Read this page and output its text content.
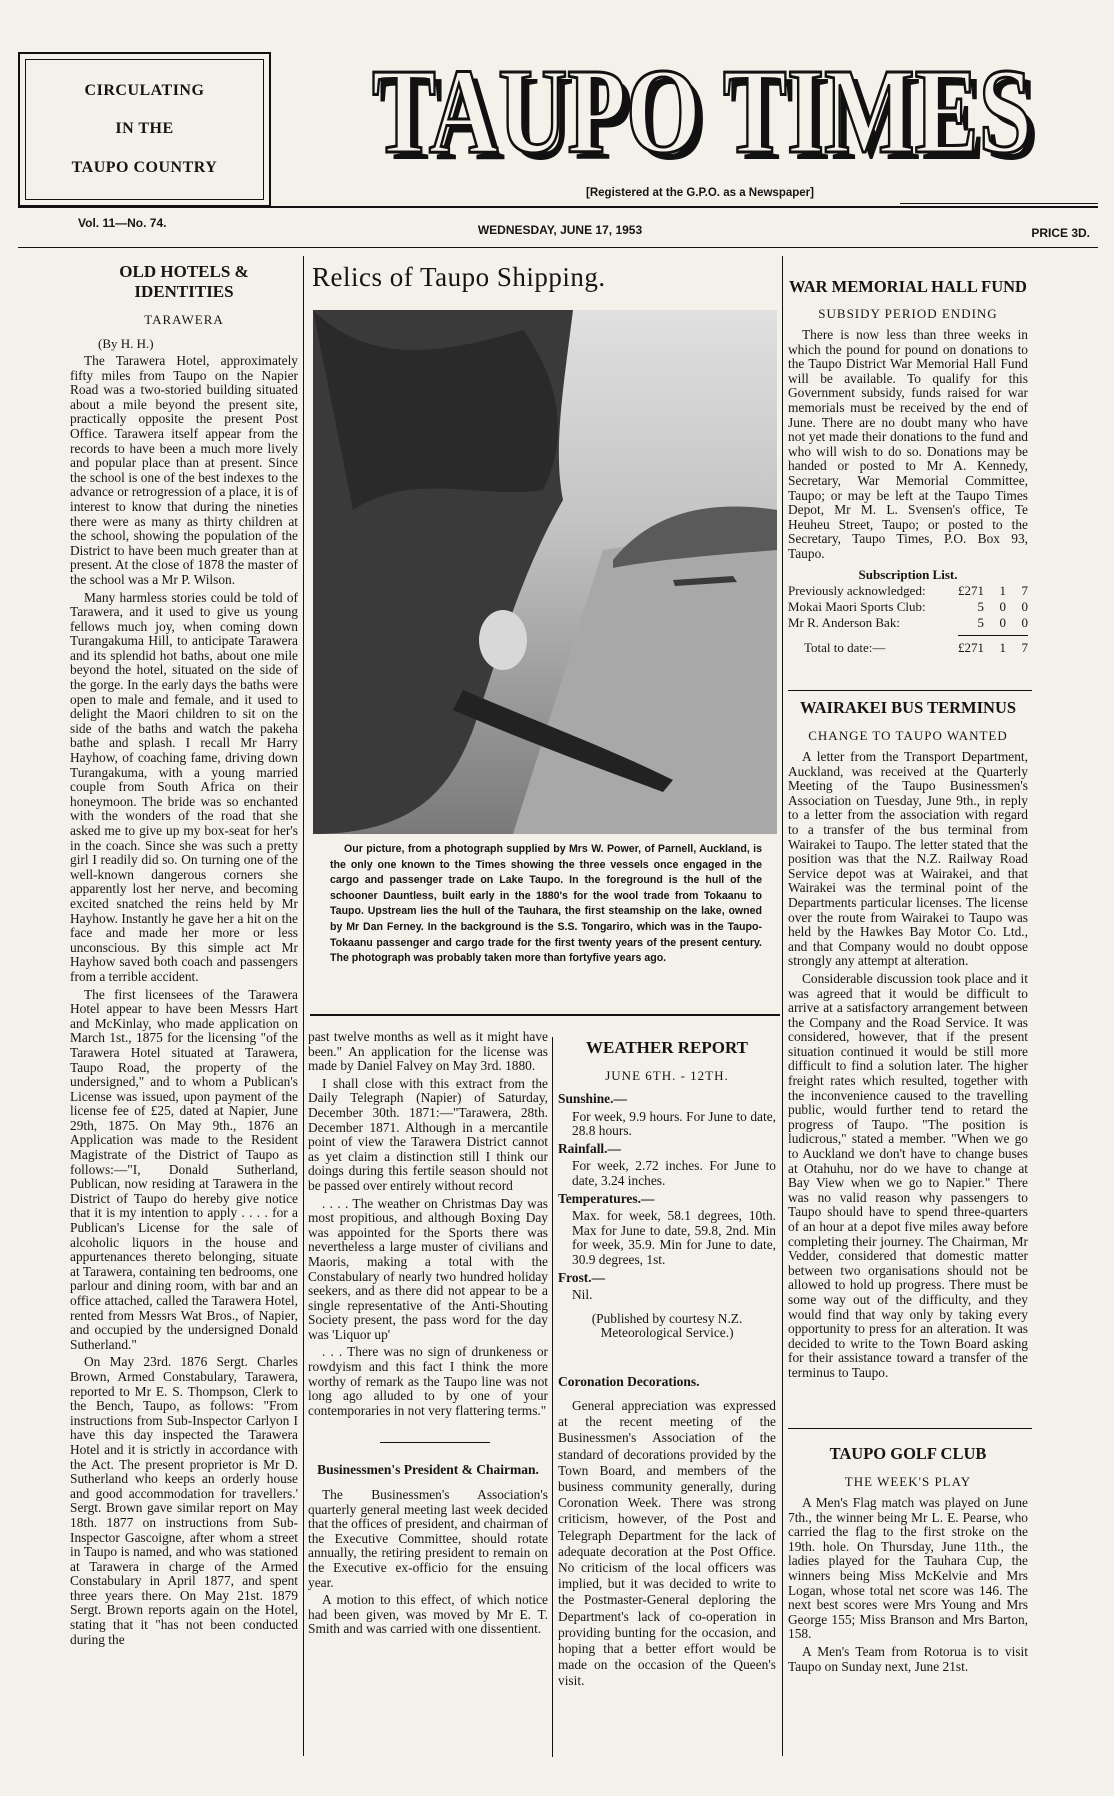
CIRCULATING
IN THE
TAUPO COUNTRY TAUPO TIMES
TAUPO TIMES
[Registered at the G.P.O. as a Newspaper]
Vol. 11—No. 74.	WEDNESDAY, JUNE 17, 1953	PRICE 3D.
OLD HOTELS & IDENTITIES
TARAWERA
(By H. H.)

The Tarawera Hotel, approximately fifty miles from Taupo on the Napier Road was a two-storied building situated about a mile beyond the present site, practically opposite the present Post Office. Tarawera itself appear from the records to have been a much more lively and popular place than at present. Since the school is one of the best indexes to the advance or retrogression of a place, it is of interest to know that during the nineties there were as many as thirty children at the school, showing the population of the District to have been much greater than at present. At the close of 1878 the master of the school was a Mr P. Wilson.

Many harmless stories could be told of Tarawera, and it used to give us young fellows much joy, when coming down Turangakuma Hill, to anticipate Tarawera and its splendid hot baths, about one mile beyond the hotel, situated on the side of the gorge. In the early days the baths were open to male and female, and it used to delight the Maori children to sit on the side of the baths and watch the pakeha bathe and splash. I recall Mr Harry Hayhow, of coaching fame, driving down Turangakuma, with a young married couple from South Africa on their honeymoon. The bride was so enchanted with the wonders of the road that she asked me to give up my box-seat for her's in the coach. Since she was such a pretty girl I readily did so. On turning one of the well-known dangerous corners she apparently lost her nerve, and becoming excited snatched the reins held by Mr Hayhow. Instantly he gave her a hit on the face and made her more or less unconscious. By this simple act Mr Hayhow saved both coach and passengers from a terrible accident.

The first licensees of the Tarawera Hotel appear to have been Messrs Hart and McKinlay, who made application on March 1st., 1875 for the licensing "of the Tarawera Hotel situated at Tarawera, Taupo Road, the property of the undersigned," and to whom a Publican's License was issued, upon payment of the license fee of £25, dated at Napier, June 29th, 1875. On May 9th., 1876 an Application was made to the Resident Magistrate of the District of Taupo as follows:—"I, Donald Sutherland, Publican, now residing at Tarawera in the District of Taupo do hereby give notice that it is my intention to apply . . . . for a Publican's License for the sale of alcoholic liquors in the house and appurtenances thereto belonging, situate at Tarawera, containing ten bedrooms, one parlour and dining room, with bar and an office attached, called the Tarawera Hotel, rented from Messrs Wat Bros., of Napier, and occupied by the undersigned Donald Sutherland."

On May 23rd. 1876 Sergt. Charles Brown, Armed Constabulary, Tarawera, reported to Mr E. S. Thompson, Clerk to the Bench, Taupo, as follows: "From instructions from Sub-Inspector Carlyon I have this day inspected the Tarawera Hotel and it is strictly in accordance with the Act. The present proprietor is Mr D. Sutherland who keeps an orderly house and good accommodation for travellers.' Sergt. Brown gave similar report on May 18th. 1877 on instructions from Sub-Inspector Gascoigne, after whom a street in Taupo is named, and who was stationed at Tarawera in charge of the Armed Constabulary in April 1877, and spent three years there. On May 21st. 1879 Sergt. Brown reports again on the Hotel, stating that it "has not been conducted during the

Relics of Taupo Shipping.
Our picture, from a photograph supplied by Mrs W. Power, of Parnell, Auckland, is the only one known to the Times showing the three vessels once engaged in the cargo and passenger trade on Lake Taupo. In the foreground is the hull of the schooner Dauntless, built early in the 1880's for the wool trade from Tokaanu to Taupo. Upstream lies the hull of the Tauhara, the first steamship on the lake, owned by Mr Dan Ferney. In the background is the S.S. Tongariro, which was in the Taupo-Tokaanu passenger and cargo trade for the first twenty years of the present century. The photograph was probably taken more than fortyfive years ago.

past twelve months as well as it might have been." An application for the license was made by Daniel Falvey on May 3rd. 1880.

I shall close with this extract from the Daily Telegraph (Napier) of Saturday, December 30th. 1871:—"Tarawera, 28th. December 1871. Although in a mercantile point of view the Tarawera District cannot as yet claim a distinction still I think our doings during this fertile season should not be passed over entirely without record

. . . . The weather on Christmas Day was most propitious, and although Boxing Day was appointed for the Sports there was nevertheless a large muster of civilians and Maoris, making a total with the Constabulary of nearly two hundred holiday seekers, and as there did not appear to be a single representative of the Anti-Shouting Society present, the pass word for the day was 'Liquor up'

. . . There was no sign of drunkeness or rowdyism and this fact I think the more worthy of remark as the Taupo line was not long ago alluded to by one of your contemporaries in not very flattering terms."

Businessmen's President & Chairman.

The Businessmen's Association's quarterly general meeting last week decided that the offices of president, and chairman of the Executive Committee, should rotate annually, the retiring president to remain on the Executive ex-officio for the ensuing year.

A motion to this effect, of which notice had been given, was moved by Mr E. T. Smith and was carried with one dissentient.

WEATHER REPORT
JUNE 6TH. - 12TH.

Sunshine.—

For week, 9.9 hours. For June to date, 28.8 hours.

Rainfall.—

For week, 2.72 inches. For June to date, 3.24 inches.

Temperatures.—

Max. for week, 58.1 degrees, 10th. Max for June to date, 59.8, 2nd. Min for week, 35.9. Min for June to date, 30.9 degrees, 1st.

Frost.—

Nil.

(Published by courtesy N.Z. Meteorological Service.)

Coronation Decorations.

General appreciation was expressed at the recent meeting of the Businessmen's Association of the standard of decorations provided by the Town Board, and members of the business community generally, during Coronation Week. There was strong criticism, however, of the Post and Telegraph Department for the lack of adequate decoration at the Post Office. No criticism of the local officers was implied, but it was decided to write to the Postmaster-General deploring the Department's lack of co-operation in providing bunting for the occasion, and hoping that a better effort would be made on the occasion of the Queen's visit.

WAR MEMORIAL HALL FUND
SUBSIDY PERIOD ENDING

There is now less than three weeks in which the pound for pound on donations to the Taupo District War Memorial Hall Fund will be available. To qualify for this Government subsidy, funds raised for war memorials must be received by the end of June. There are no doubt many who have not yet made their donations to the fund and who will wish to do so. Donations may be handed or posted to Mr A. Kennedy, Secretary, War Memorial Committee, Taupo; or may be left at the Taupo Times Depot, Mr M. L. Svensen's office, Te Heuheu Street, Taupo; or posted to the Secretary, Taupo Times, P.O. Box 93, Taupo.

Subscription List.
Previously acknowledged:	£271	1	7
Mokai Maori Sports Club:	5	0	0
Mr R. Anderson Bak:	5	0	0
Total to date:—	£271	1	7
WAIRAKEI BUS TERMINUS
CHANGE TO TAUPO WANTED

A letter from the Transport Department, Auckland, was received at the Quarterly Meeting of the Taupo Businessmen's Association on Tuesday, June 9th., in reply to a letter from the association with regard to a transfer of the bus terminal from Wairakei to Taupo. The letter stated that the position was that the N.Z. Railway Road Service depot was at Wairakei, and that Wairakei was the terminal point of the Departments particular licenses. The license over the route from Wairakei to Taupo was held by the Hawkes Bay Motor Co. Ltd., and that Company would no doubt oppose strongly any attempt at alteration.

Considerable discussion took place and it was agreed that it would be difficult to arrive at a satisfactory arrangement between the Company and the Road Service. It was considered, however, that if the present situation continued it would be still more difficult to find a solution later. The higher freight rates which resulted, together with the inconvenience caused to the travelling public, would further tend to retard the progress of Taupo. "The position is ludicrous," stated a member. "When we go to Auckland we don't have to change buses at Otahuhu, nor do we have to change at Bay View when we go to Napier." There was no valid reason why passengers to Taupo should have to spend three-quarters of an hour at a depot five miles away before completing their journey. The Chairman, Mr Vedder, considered that domestic matter between two organisations should not be allowed to hold up progress. There must be some way out of the difficulty, and they would find that way only by taking every opportunity to press for an alteration. It was decided to write to the Town Board asking for their assistance toward a transfer of the terminus to Taupo.

TAUPO GOLF CLUB
THE WEEK'S PLAY

A Men's Flag match was played on June 7th., the winner being Mr L. E. Pearse, who carried the flag to the first stroke on the 19th. hole. On Thursday, June 11th., the ladies played for the Tauhara Cup, the winners being Miss McKelvie and Mrs Logan, whose total net score was 146. The next best scores were Mrs Young and Mrs George 155; Miss Branson and Mrs Barton, 158.

A Men's Team from Rotorua is to visit Taupo on Sunday next, June 21st.
